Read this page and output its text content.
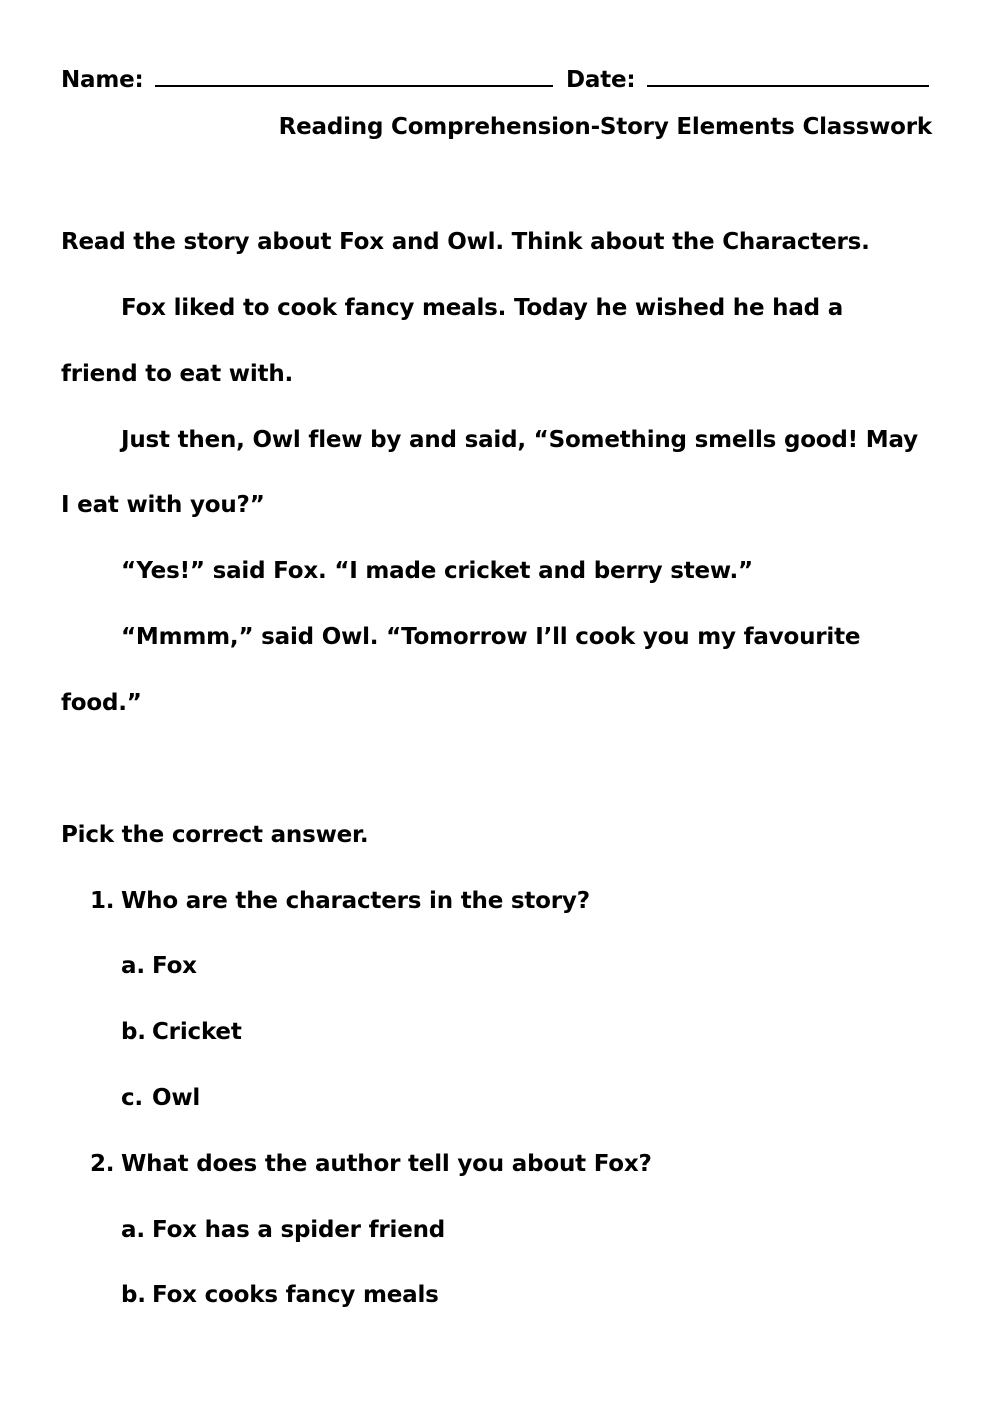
Name:	Date:
Reading Comprehension-Story Elements Classwork
Read the story about Fox and Owl. Think about the Characters.
Fox liked to cook fancy meals. Today he wished he had a
friend to eat with.
Just then, Owl flew by and said, “Something smells good! May
I eat with you?”
“Yes!” said Fox. “I made cricket and berry stew.”
“Mmmm,” said Owl. “Tomorrow I’ll cook you my favourite
food.”
Pick the correct answer.
1. Who are the characters in the story?
a. Fox
b. Cricket
c. Owl
2. What does the author tell you about Fox?
a. Fox has a spider friend
b. Fox cooks fancy meals
